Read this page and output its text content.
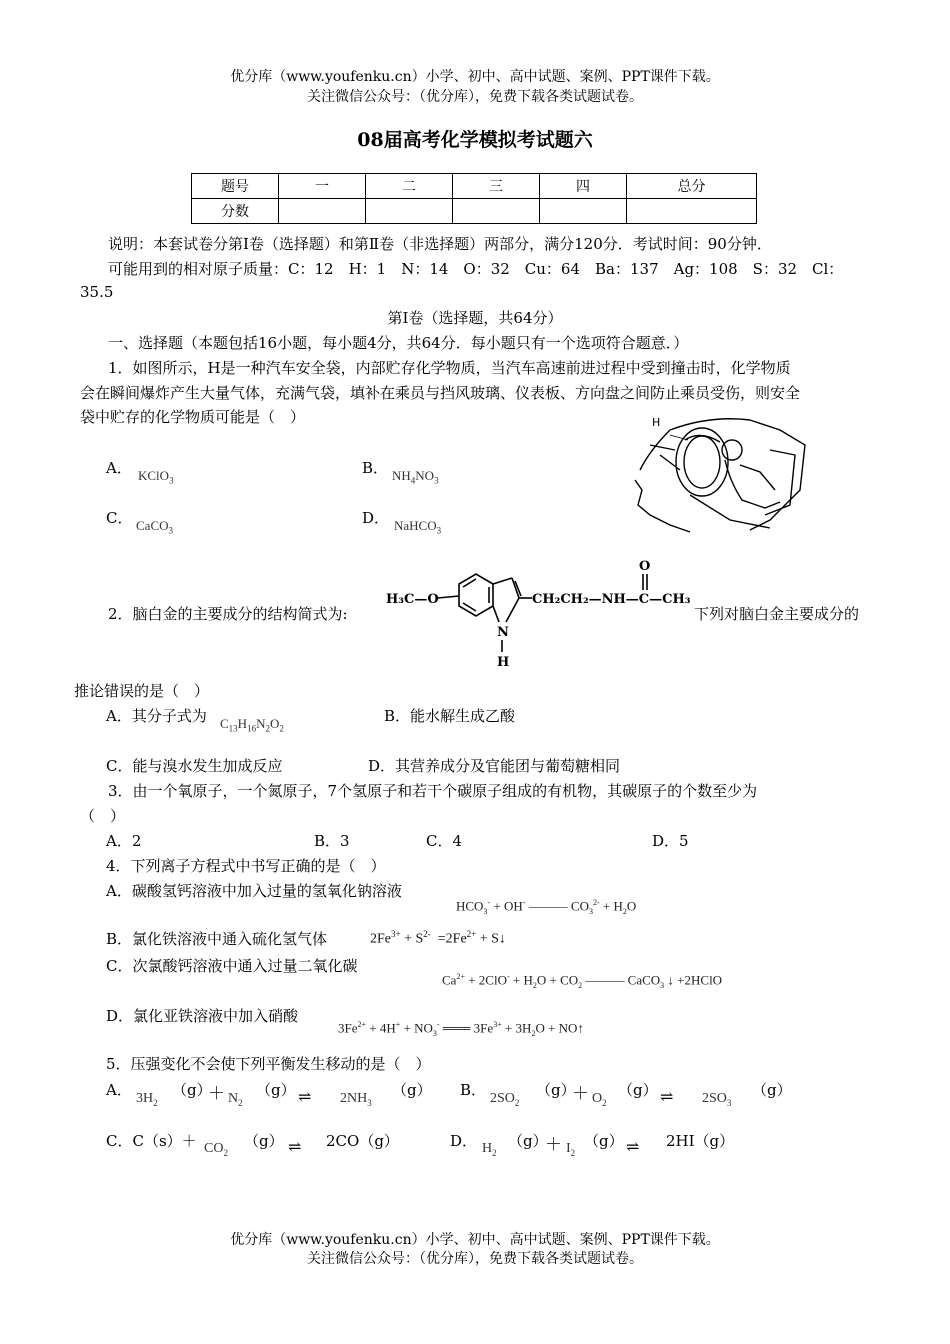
优分库（www.youfenku.cn）小学、初中、高中试题、案例、PPT课件下载。
关注微信公众号：（优分库），免费下载各类试题试卷。
08届高考化学模拟考试题六
题号	一	二	三	四	总分
分数					
说明：本套试卷分第Ⅰ卷（选择题）和第Ⅱ卷（非选择题）两部分，满分120分．考试时间：90分钟．
可能用到的相对原子质量：C：12　H：1　N：14　O：32　Cu：64　Ba：137　Ag：108　S：32　Cl：
35.5
第Ⅰ卷（选择题，共64分）
一、选择题（本题包括16小题，每小题4分，共64分．每小题只有一个选项符合题意．）
1．如图所示，H是一种汽车安全袋，内部贮存化学物质，当汽车高速前进过程中受到撞击时，化学物质
会在瞬间爆炸产生大量气体，充满气袋，填补在乘员与挡风玻璃、仪表板、方向盘之间防止乘员受伤，则安全
袋中贮存的化学物质可能是（　）	H
A． KClO$_3$
B． $NH_4NO_3$
C． CaCO$_3$
D． NaHCO$_3$
2．脑白金的主要成分的结构简式为:
H₃C—O	CH₂CH₂—NH—C—CH₃
O
N
H
下列对脑白金主要成分的
推论错误的是（　）
A．其分子式为 $C_{13}H_{16}N_2O_2$
B．能水解生成乙酸
C．能与溴水发生加成反应	D．其营养成分及官能团与葡萄糖相同
3．由一个氧原子，一个氮原子，7个氢原子和若干个碳原子组成的有机物，其碳原子的个数至少为
（　）
A．2	B．3	C．4	D．5
4．下列离子方程式中书写正确的是（　）
A．碳酸氢钙溶液中加入过量的氢氧化钠溶液
$HCO_3^- + OH^-$ ——— $CO_3^{2-} + H_2O$
B．氯化铁溶液中通入硫化氢气体	$2Fe^{3+} + S^{2-} =2Fe^{2+}$ + S↓
C．次氯酸钙溶液中通入过量二氧化碳
$Ca^{2+} + 2ClO^- + H_2O + CO_2$ ——— CaCO$_3$ ↓ +2HClO
D．氯化亚铁溶液中加入硝酸
$3Fe^{2+} + 4H^+ + NO_3^-$ ═══ $3Fe^{3+} + 3H_2O$ + NO↑
5．压强变化不会使下列平衡发生移动的是（　）
A． $3H_2$
（g）
＋ $N_2$
（g） ⇌ $2NH_3$
（g） B． $2SO_2$
（g）
＋ $O_2$
（g） ⇌ $2SO_3$
（g）
C．$C(s)+ CO_2$
（g） ⇌ 2CO（g）	D． $H_2$
（g）
＋ $I_2$
（g） ⇌ 2HI（g）
优分库（www.youfenku.cn）小学、初中、高中试题、案例、PPT课件下载。
关注微信公众号：（优分库），免费下载各类试题试卷。
